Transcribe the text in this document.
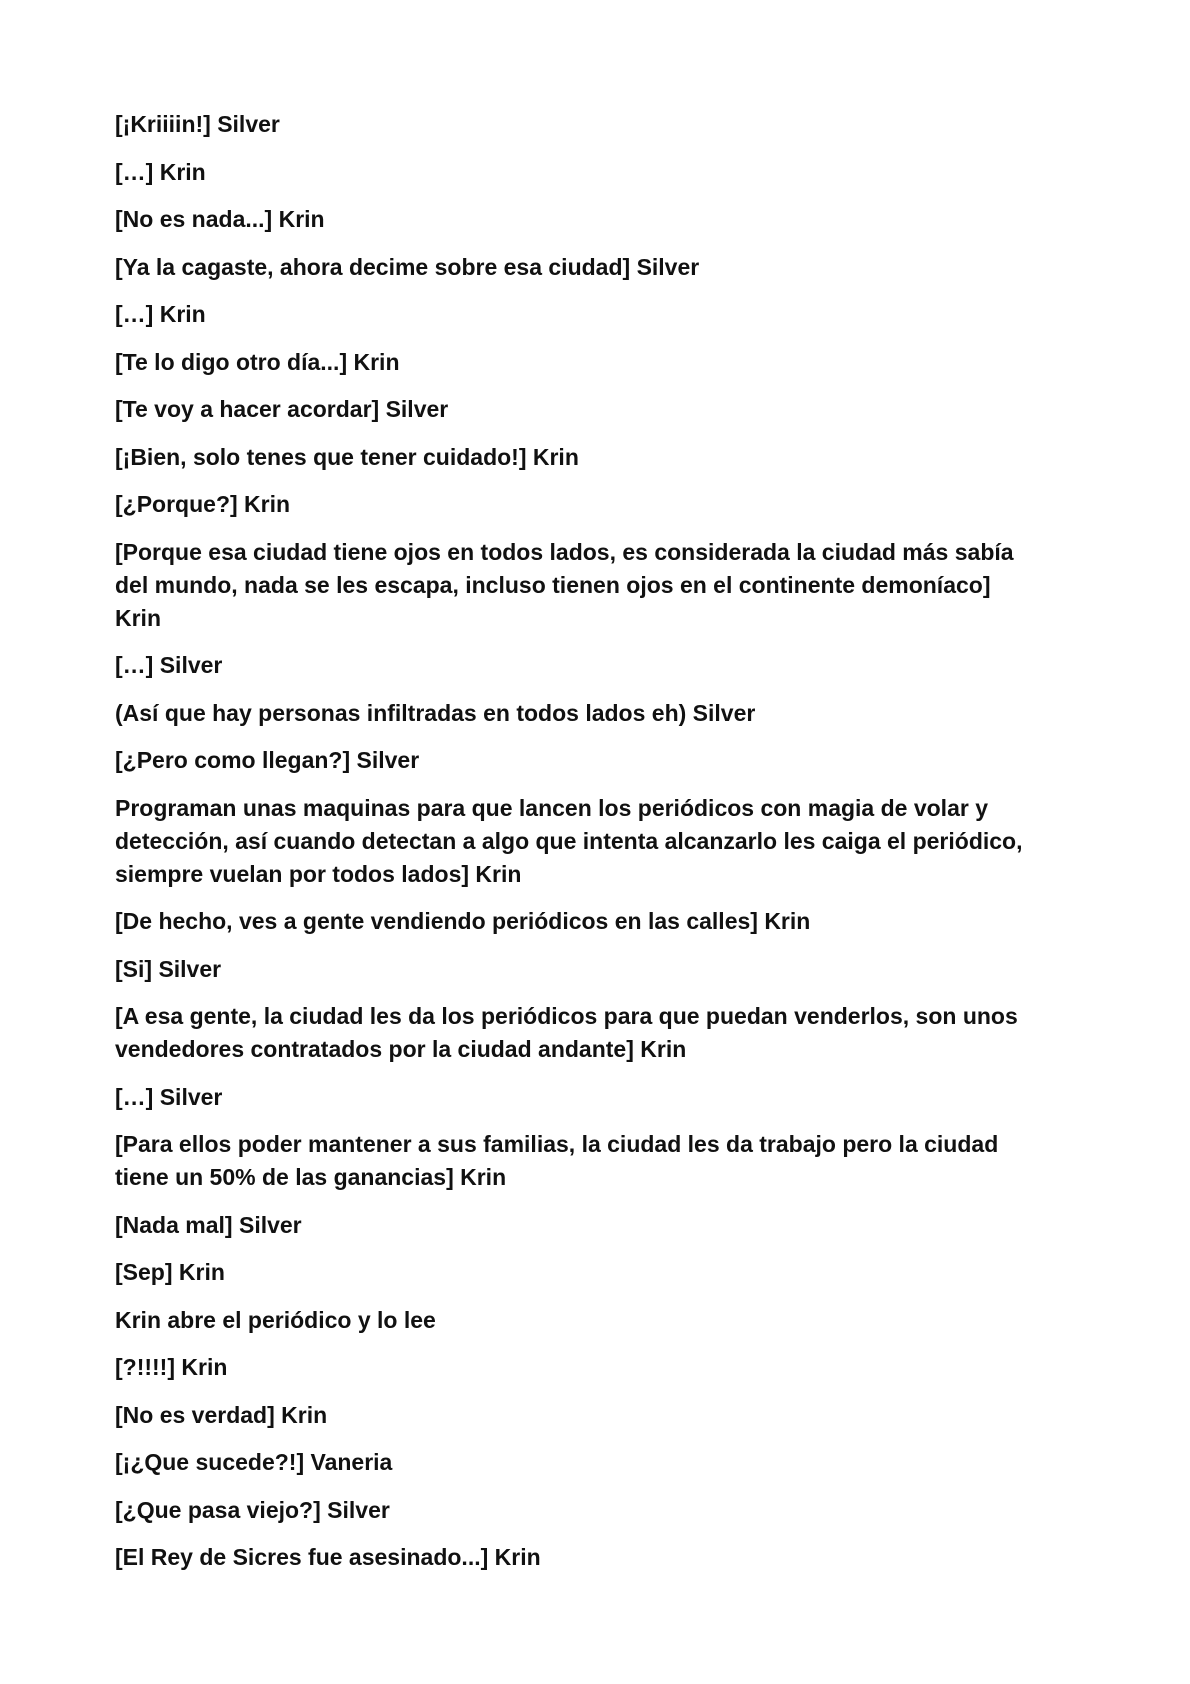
[¡Kriiiin!] Silver

[…] Krin

[No es nada...] Krin

[Ya la cagaste, ahora decime sobre esa ciudad] Silver

[…] Krin

[Te lo digo otro día...] Krin

[Te voy a hacer acordar] Silver

[¡Bien, solo tenes que tener cuidado!] Krin

[¿Porque?] Krin

[Porque esa ciudad tiene ojos en todos lados, es considerada la ciudad más sabía
del mundo, nada se les escapa, incluso tienen ojos en el continente demoníaco]
Krin

[…] Silver

(Así que hay personas infiltradas en todos lados eh) Silver

[¿Pero como llegan?] Silver

Programan unas maquinas para que lancen los periódicos con magia de volar y
detección, así cuando detectan a algo que intenta alcanzarlo les caiga el periódico,
siempre vuelan por todos lados] Krin

[De hecho, ves a gente vendiendo periódicos en las calles] Krin

[Si] Silver

[A esa gente, la ciudad les da los periódicos para que puedan venderlos, son unos
vendedores contratados por la ciudad andante] Krin

[…] Silver

[Para ellos poder mantener a sus familias, la ciudad les da trabajo pero la ciudad
tiene un 50% de las ganancias] Krin

[Nada mal] Silver

[Sep] Krin

Krin abre el periódico y lo lee

[?!!!!] Krin

[No es verdad] Krin

[¡¿Que sucede?!] Vaneria

[¿Que pasa viejo?] Silver

[El Rey de Sicres fue asesinado...] Krin
